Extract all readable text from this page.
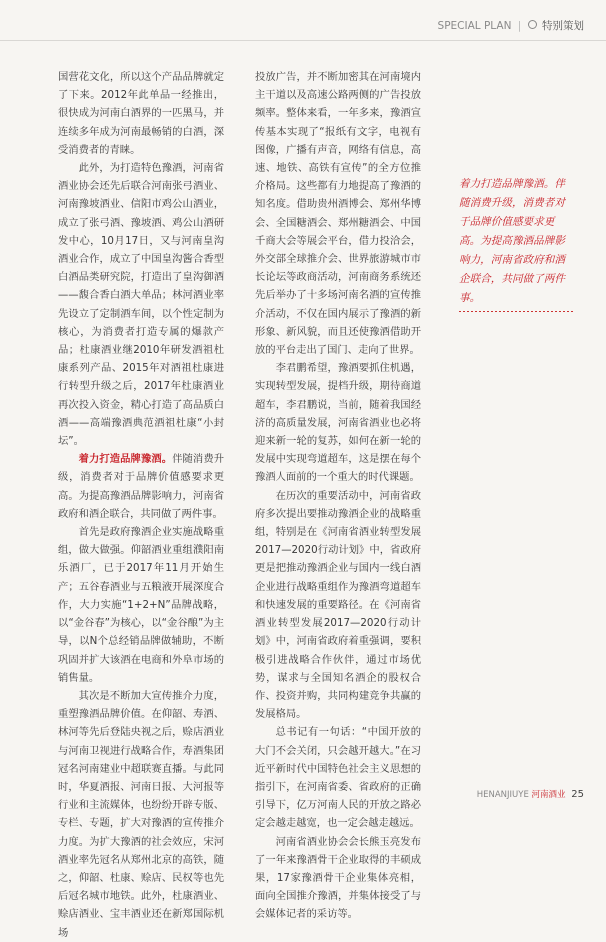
SPECIAL PLAN | 特别策划

国营花文化，所以这个产品品牌就定了下来。2012年此单品一经推出，很快成为河南白酒界的一匹黑马，并连续多年成为河南最畅销的白酒，深受消费者的青睐。

此外，为打造特色豫酒，河南省酒业协会还先后联合河南张弓酒业、河南豫坡酒业、信阳市鸡公山酒业，成立了张弓酒、豫坡酒、鸡公山酒研发中心，10月17日，又与河南皇沟酒业合作，成立了中国皇沟酱合香型白酒品类研究院，打造出了皇沟御酒——馥合香白酒大单品；林河酒业率先设立了定制酒车间，以个性定制为核心，为消费者打造专属的爆款产品；杜康酒业继2010年研发酒祖杜康系列产品、2015年对酒祖杜康进行转型升级之后，2017年杜康酒业再次投入资金，精心打造了高品质白酒——高端豫酒典范酒祖杜康“小封坛”。

着力打造品牌豫酒。伴随消费升级，消费者对于品牌价值感要求更高。为提高豫酒品牌影响力，河南省政府和酒企联合，共同做了两件事。

首先是政府豫酒企业实施战略重组，做大做强。仰韶酒业重组濮阳南乐酒厂，已于2017年11月开始生产；五谷春酒业与五粮液开展深度合作，大力实施“1+2+N”品牌战略，以“金谷春”为核心，以“金谷酿”为主导，以N个总经销品牌做辅助，不断巩固并扩大该酒在电商和外阜市场的销售量。

其次是不断加大宣传推介力度，重塑豫酒品牌价值。在仰韶、寿酒、林河等先后登陆央视之后，赊店酒业与河南卫视进行战略合作，寿酒集团冠名河南建业中超联赛直播。与此同时，华夏酒报、河南日报、大河报等行业和主流媒体，也纷纷开辟专版、专栏、专题，扩大对豫酒的宣传推介力度。为扩大豫酒的社会效应，宋河酒业率先冠名从郑州北京的高铁，随之，仰韶、杜康、赊店、民权等也先后冠名城市地铁。此外，杜康酒业、赊店酒业、宝丰酒业还在新郑国际机场

投放广告，并不断加密其在河南境内主干道以及高速公路两侧的广告投放频率。整体来看，一年多来，豫酒宣传基本实现了“报纸有文字，电视有图像，广播有声音，网络有信息，高速、地铁、高铁有宣传”的全方位推介格局。这些都有力地提高了豫酒的知名度。借助贵州酒博会、郑州华博会、全国糖酒会、郑州糖酒会、中国千商大会等展会平台，借力投洽会，外交部全球推介会、世界旅游城市市长论坛等政商活动，河南商务系统还先后举办了十多场河南名酒的宣传推介活动，不仅在国内展示了豫酒的新形象、新风貌，而且还使豫酒借助开放的平台走出了国门、走向了世界。

李君鹏希望，豫酒要抓住机遇，实现转型发展，提档升级，期待商道超车，李君鹏说，当前，随着我国经济的高质量发展，河南省酒业也必将迎来新一轮的复苏，如何在新一轮的发展中实现弯道超车，这是摆在每个豫酒人面前的一个重大的时代课题。

在历次的重要活动中，河南省政府多次提出要推动豫酒企业的战略重组，特别是在《河南省酒业转型发展2017—2020行动计划》中，省政府更是把推动豫酒企业与国内一线白酒企业进行战略重组作为豫酒弯道超车和快速发展的重要路径。在《河南省酒业转型发展2017—2020行动计划》中，河南省政府着重强调，要积极引进战略合作伙伴，通过市场优势，谋求与全国知名酒企的股权合作、投资并购，共同构建竞争共赢的发展格局。

总书记有一句话：“中国开放的大门不会关闭，只会越开越大。”在习近平新时代中国特色社会主义思想的指引下，在河南省委、省政府的正确引导下，亿万河南人民的开放之路必定会越走越宽，也一定会越走越远。

河南省酒业协会会长熊玉亮发布了一年来豫酒骨干企业取得的丰硕成果，17家豫酒骨干企业集体亮相，面向全国推介豫酒，并集体接受了与会媒体记者的采访等。

着力打造品牌豫酒。伴随消费升级，消费者对于品牌价值感要求更高。为提高豫酒品牌影响力，河南省政府和酒企联合，共同做了两件事。
HENANJIUYE 河南酒业 25
